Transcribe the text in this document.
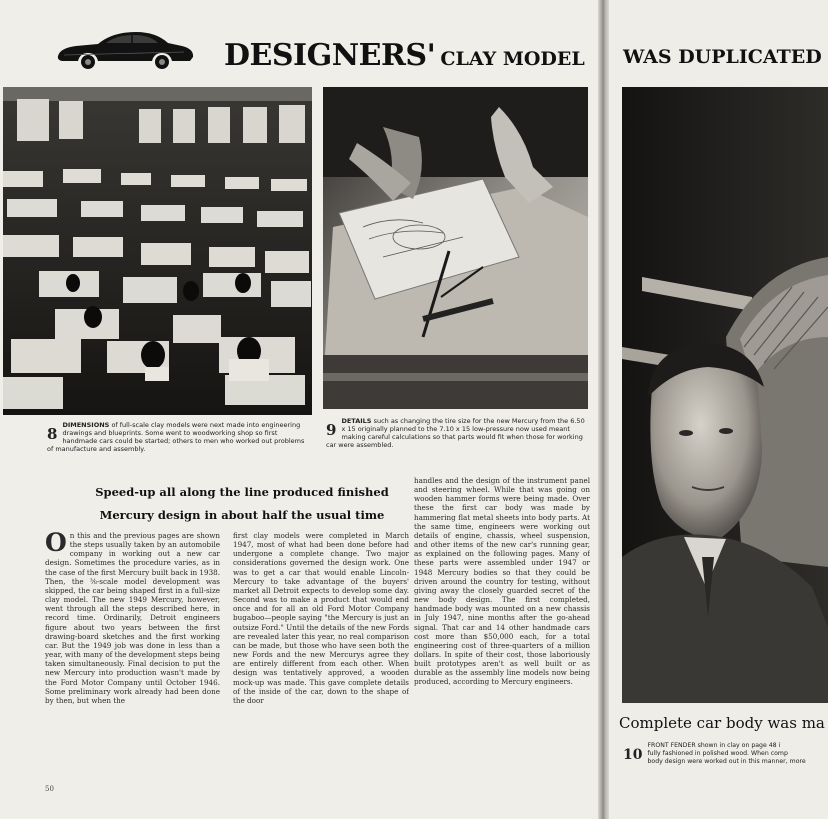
DESIGNERS' CLAY MODEL
8 DIMENSIONS of full-scale clay models were next made into engineering drawings and blueprints. Some went to woodworking shop so first handmade cars could be started; others to men who worked out problems of manufacture and assembly.
9 DETAILS such as changing the tire size for the new Mercury from the 6.50 x 15 originally planned to the 7.10 x 15 low-pressure now used meant making careful calculations so that parts would fit when those for working car were assembled.
Speed-up all along the line produced finished
Mercury design in about half the usual time
On this and the previous pages are shown the steps usually taken by an automobile company in working out a new car design. Sometimes the procedure varies, as in the case of the first Mercury built back in 1938. Then, the ⅜-scale model development was skipped, the car being shaped first in a full-size clay model. The new 1949 Mercury, however, went through all the steps described here, in record time. Ordinarily, Detroit engineers figure about two years between the first drawing-board sketches and the first working car. But the 1949 job was done in less than a year, with many of the development steps being taken simultaneously. Final decision to put the new Mercury into production wasn't made by the Ford Motor Company until October 1946. Some preliminary work already had been done by then, but when the
first clay models were completed in March 1947, most of what had been done before had undergone a complete change. Two major considerations governed the design work. One was to get a car that would enable Lincoln-Mercury to take advantage of the buyers' market all Detroit expects to develop some day. Second was to make a product that would end once and for all an old Ford Motor Company bugaboo—people saying "the Mercury is just an outsize Ford." Until the details of the new Fords are revealed later this year, no real comparison can be made, but those who have seen both the new Fords and the new Mercurys agree they are entirely different from each other. When design was tentatively approved, a wooden mock-up was made. This gave complete details of the inside of the car, down to the shape of the door
handles and the design of the instrument panel and steering wheel. While that was going on wooden hammer forms were being made. Over these the first car body was made by hammering flat metal sheets into body parts. At the same time, engineers were working out details of engine, chassis, wheel suspension, and other items of the new car's running gear, as explained on the following pages. Many of these parts were assembled under 1947 or 1948 Mercury bodies so that they could be driven around the country for testing, without giving away the closely guarded secret of the new body design. The first completed, handmade body was mounted on a new chassis in July 1947, nine months after the go-ahead signal. That car and 14 other handmade cars cost more than $50,000 each, for a total engineering cost of three-quarters of a million dollars. In spite of their cost, those laboriously built prototypes aren't as well built or as durable as the assembly line models now being produced, according to Mercury engineers.
50
WAS DUPLICATED
Complete car body was ma
10
FRONT FENDER shown in clay on page 48 i
fully fashioned in polished wood. When comp
body design were worked out in this manner, more
